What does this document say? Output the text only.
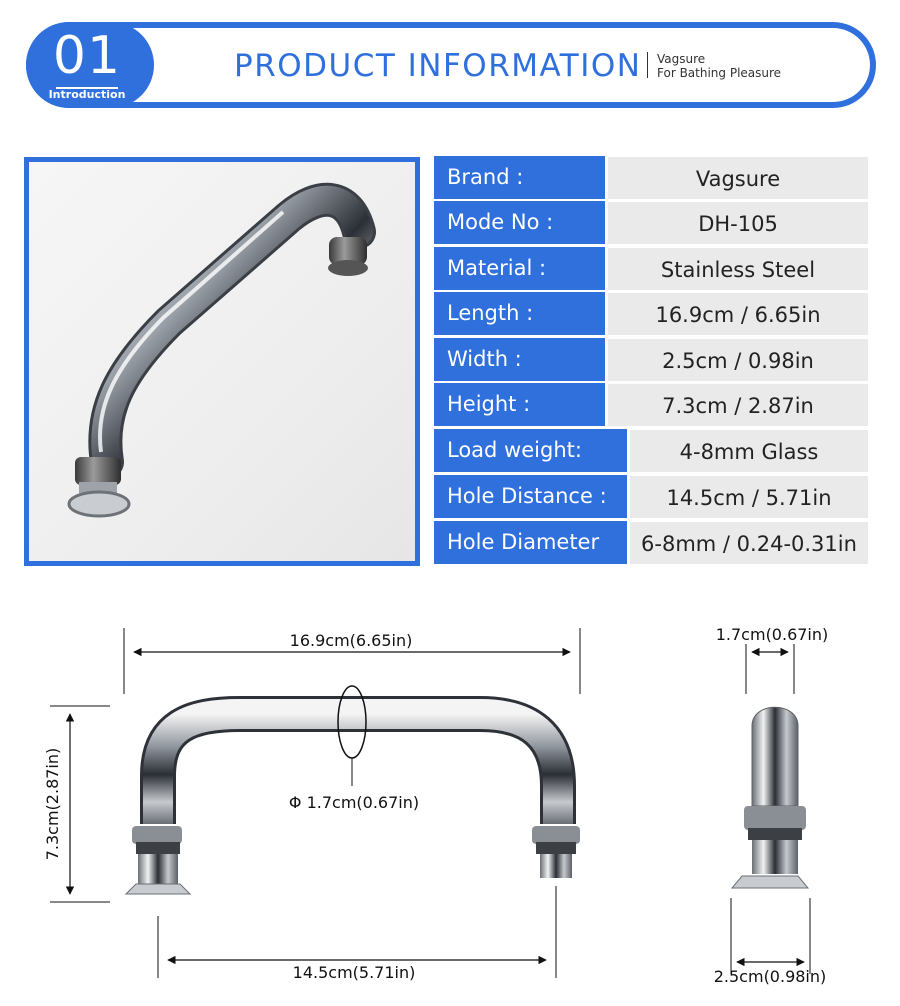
01
Introduction
PRODUCT INFORMATION Vagsure
For Bathing Pleasure
Brand :	Vagsure
Mode No :	DH-105
Material :	Stainless Steel
Length :	16.9cm / 6.65in
Width :	2.5cm / 0.98in
Height :	7.3cm / 2.87in
Load weight:	4-8mm Glass
Hole Distance :	14.5cm / 5.71in
Hole Diameter	6-8mm / 0.24-0.31in
16.9cm(6.65in)
7.3cm(2.87in)	Φ 1.7cm(0.67in)
14.5cm(5.71in)
1.7cm(0.67in)
2.5cm(0.98in)
